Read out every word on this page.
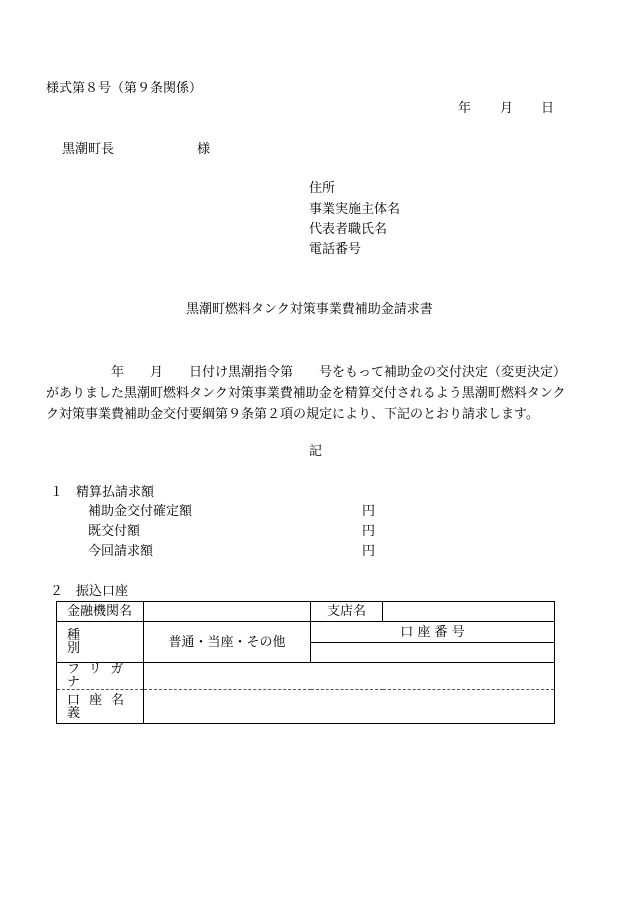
様式第８号（第９条関係）
年 月 日
黒潮町長	様
住所
事業実施主体名
代表者職氏名
電話番号
黒潮町燃料タンク対策事業費補助金請求書
　　　　　年　　月　　日付け黒潮指令第　　号をもって補助金の交付決定（変更決定）
がありました黒潮町燃料タンク対策事業費補助金を精算交付されるよう黒潮町燃料タンク
ク対策事業費補助金交付要綱第９条第２項の規定により、下記のとおり請求します。
記
１　精算払請求額
補助金交付確定額	円
既交付額	円
今回請求額	円
２　振込口座
金融機関名		支店名	
種　　別	普通・当座・その他	口 座 番 号	

フリガナ			
口座名義			
